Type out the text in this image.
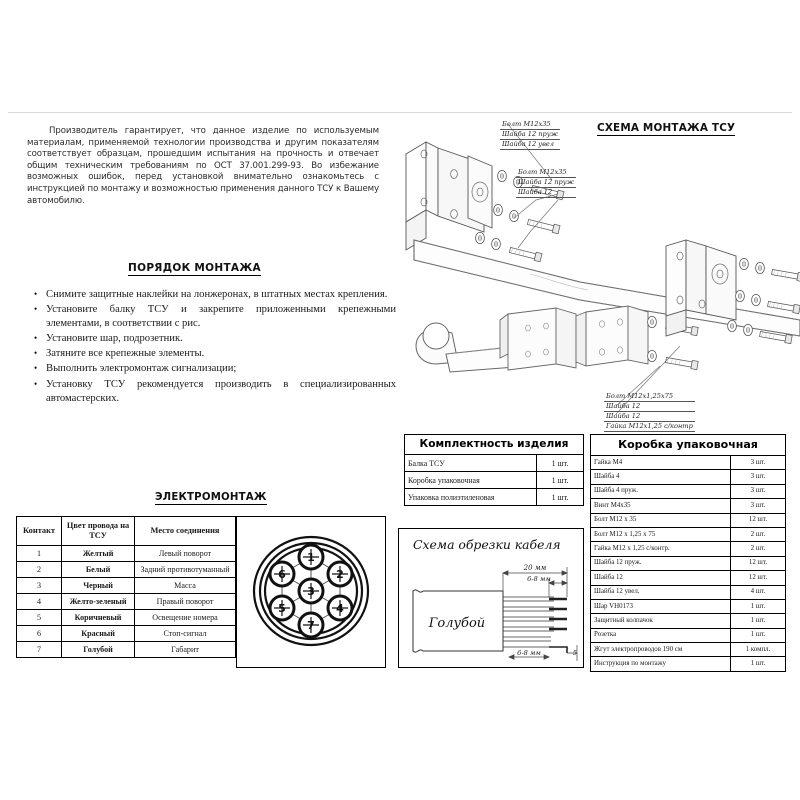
Производитель гарантирует, что данное изделие по используемым материалам, применяемой технологии производства и другим показателям соответствует образцам, прошедшим испытания на прочность и отвечает общим техническим требованиям по ОСТ 37.001.299-93. Во избежание возможных ошибок, перед установкой внимательно ознакомьтесь с инструкцией по монтажу и возможностью применения данного ТСУ к Вашему автомобилю.
ПОРЯДОК МОНТАЖА
• Снимите защитные наклейки на лонжеронах, в штатных местах крепления.
• Установите балку ТСУ и закрепите приложенными крепежными элементами, в соответствии с рис.
• Установите шар, подрозетник.
• Затяните все крепежные элементы.
• Выполнить электромонтаж сигнализации;
• Установку ТСУ рекомендуется производить в специализированных автомастерских.
ЭЛЕКТРОМОНТАЖ
Контакт	Цвет провода на ТСУ	Место соединения
1	Желтый	Левый поворот
2	Белый	Задний противотуманный
3	Черный	Масса
4	Желто-зеленый	Правый поворот
5	Коричневый	Освещение номера
6	Красный	Стоп-сигнал
7	Голубой	Габарит
1
2
3
4
5
6
7
Комплектность изделия
Балка ТСУ	1 шт.
Коробка упаковочная	1 шт.
Упаковка полиэтиленовая	1 шт.
Коробка упаковочная
Гайка М4	3 шт.
Шайба 4	3 шт.
Шайба 4 пруж.	3 шт.
Винт М4х35	3 шт.
Болт М12 х 35	12 шт.
Болт М12 х 1,25 х 75	2 шт.
Гайка М12 х 1,25 с/контр.	2 шт.
Шайба 12 пруж.	12 шт.
Шайба 12	12 шт.
Шайба 12 увел.	4 шт.
Шар VH0173	1 шт.
Защитный колпачок	1 шт.
Розетка	1 шт.
Жгут электропроводов 190 см	1 компл.
Инструкция по монтажу	1 шт.
Схема обрезки кабеля
20 мм
6-8 мм
6-8 мм	5
Голубой
СХЕМА МОНТАЖА ТСУ
Болт М12х35
Шайба 12 пруж
Шайба 12 увел
Болт М12х35
Шайба 12 пруж
Шайба 12
Болт М12х1,25х75
Шайба 12
Шайба 12
Гайка М12х1,25 с/контр
